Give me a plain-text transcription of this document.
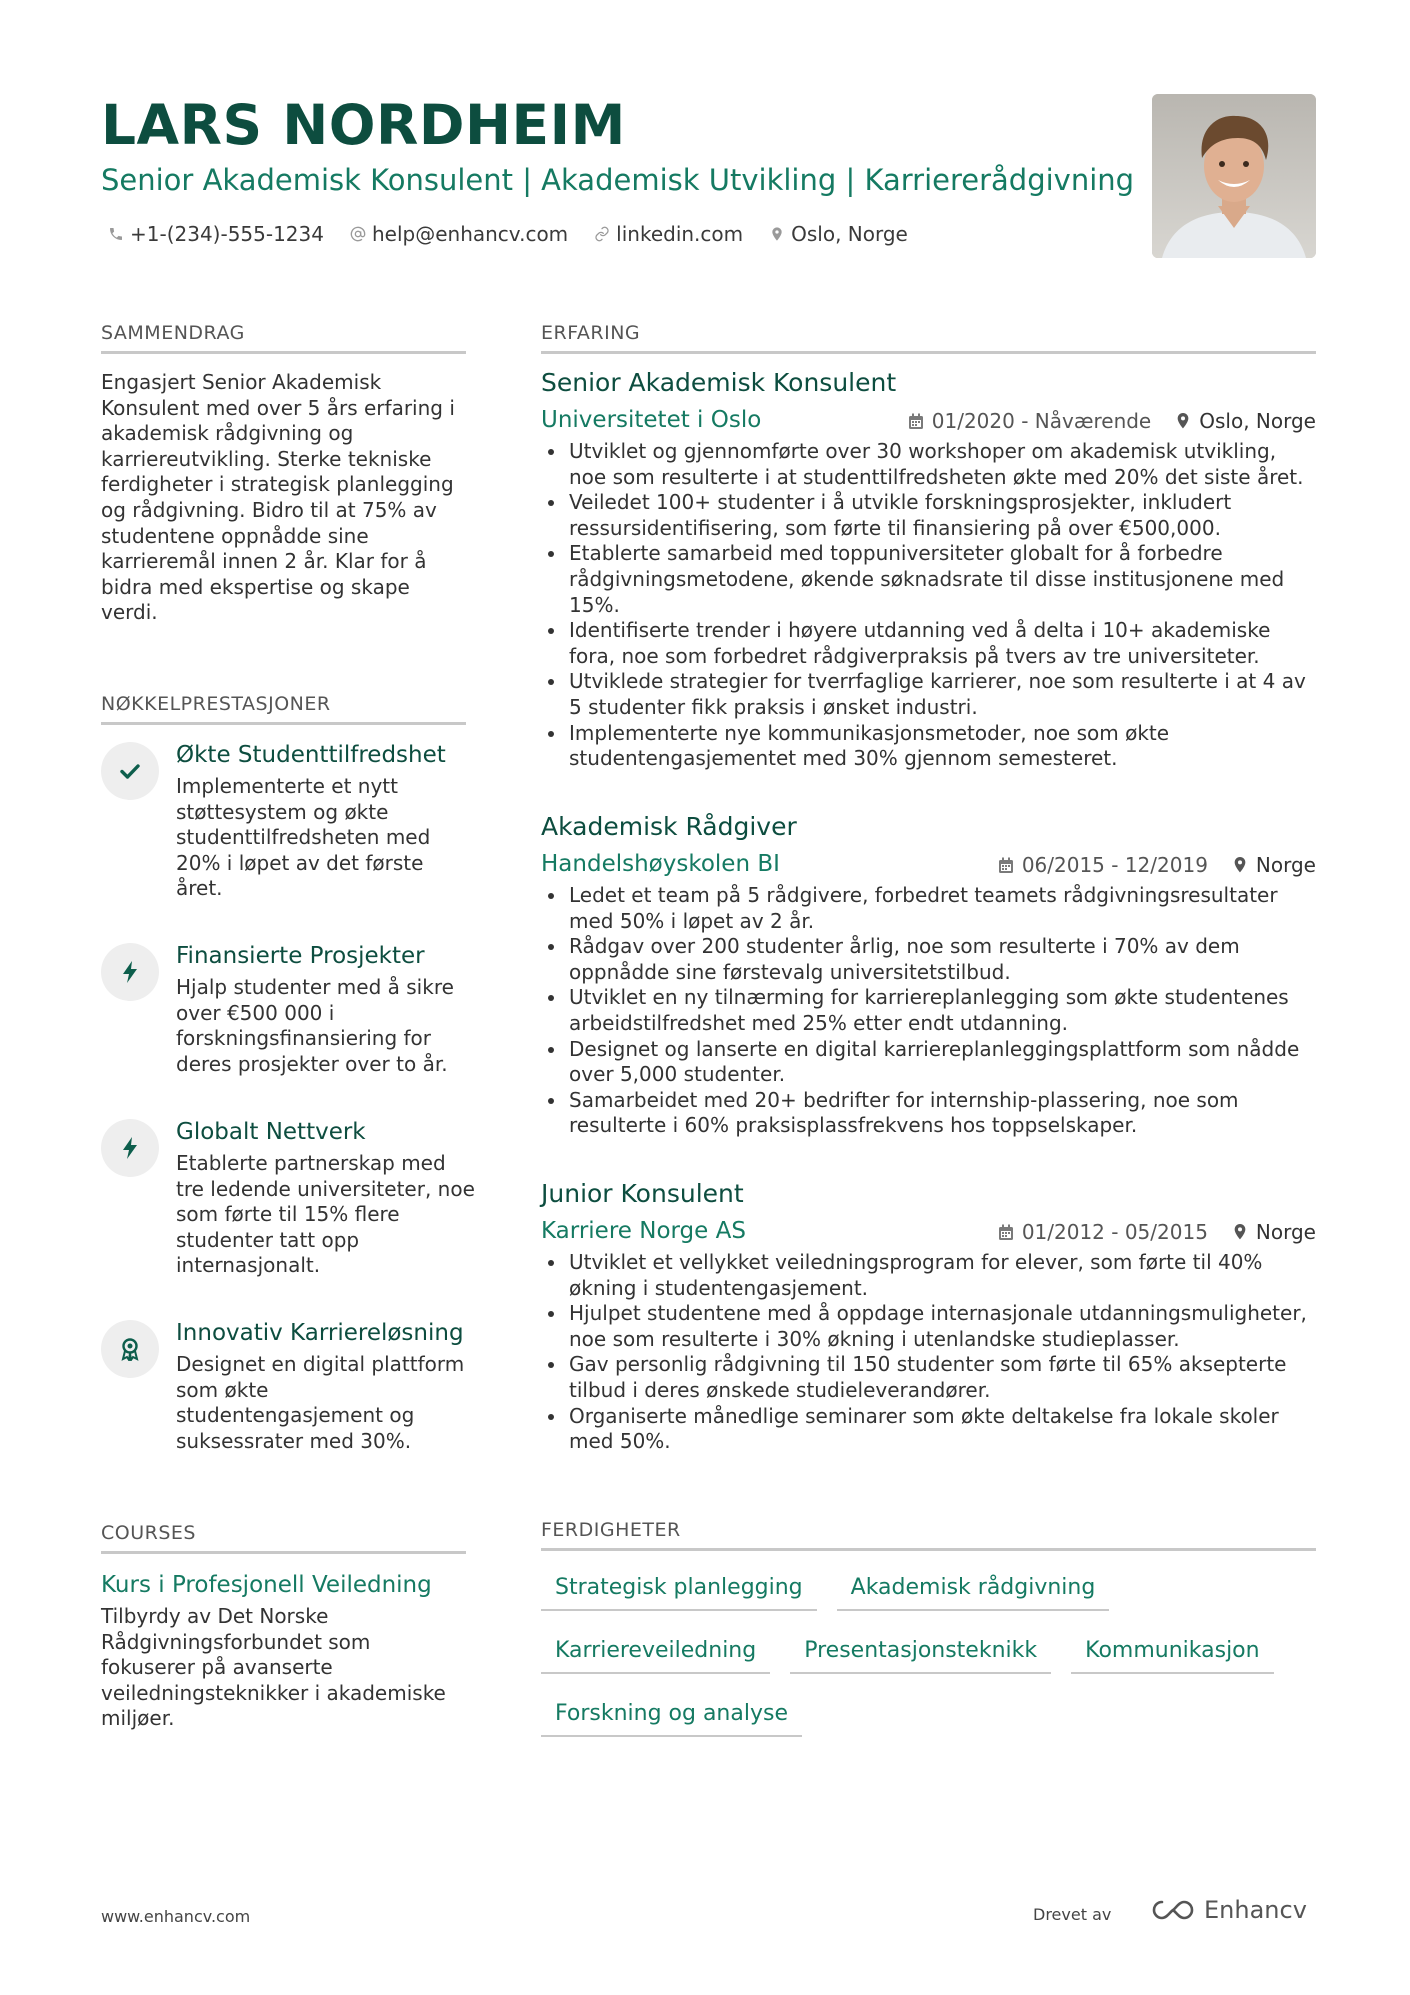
LARS NORDHEIM
Senior Akademisk Konsulent | Akademisk Utvikling | Karriererådgivning
+1-(234)-555-1234 help@enhancv.com linkedin.com Oslo, Norge
SAMMENDRAG
Engasjert Senior Akademisk Konsulent med over 5 års erfaring i akademisk rådgivning og karriereutvikling. Sterke tekniske ferdigheter i strategisk planlegging og rådgivning. Bidro til at 75% av studentene oppnådde sine karrieremål innen 2 år. Klar for å bidra med ekspertise og skape verdi.
NØKKELPRESTASJONER
Økte Studenttilfredshet
Implementerte et nytt støttesystem og økte studenttilfredsheten med 20% i løpet av det første året.
Finansierte Prosjekter
Hjalp studenter med å sikre over €500 000 i forskningsfinansiering for deres prosjekter over to år.
Globalt Nettverk
Etablerte partnerskap med tre ledende universiteter, noe som førte til 15% flere studenter tatt opp internasjonalt.
Innovativ Karriereløsning
Designet en digital plattform som økte studentengasjement og suksessrater med 30%.
COURSES
Kurs i Profesjonell Veiledning
Tilbyrdy av Det Norske Rådgivningsforbundet som fokuserer på avanserte veiledningsteknikker i akademiske miljøer.
ERFARING
Senior Akademisk Konsulent
Universitetet i Oslo	01/2020 - Nåværende Oslo, Norge
Utviklet og gjennomførte over 30 workshoper om akademisk utvikling, noe som resulterte i at studenttilfredsheten økte med 20% det siste året.
Veiledet 100+ studenter i å utvikle forskningsprosjekter, inkludert ressursidentifisering, som førte til finansiering på over €500,000.
Etablerte samarbeid med toppuniversiteter globalt for å forbedre rådgivningsmetodene, økende søknadsrate til disse institusjonene med 15%.
Identifiserte trender i høyere utdanning ved å delta i 10+ akademiske fora, noe som forbedret rådgiverpraksis på tvers av tre universiteter.
Utviklede strategier for tverrfaglige karrierer, noe som resulterte i at 4 av 5 studenter fikk praksis i ønsket industri.
Implementerte nye kommunikasjonsmetoder, noe som økte studentengasjementet med 30% gjennom semesteret.
Akademisk Rådgiver
Handelshøyskolen BI	06/2015 - 12/2019 Norge
Ledet et team på 5 rådgivere, forbedret teamets rådgivningsresultater med 50% i løpet av 2 år.
Rådgav over 200 studenter årlig, noe som resulterte i 70% av dem oppnådde sine førstevalg universitetstilbud.
Utviklet en ny tilnærming for karriereplanlegging som økte studentenes arbeidstilfredshet med 25% etter endt utdanning.
Designet og lanserte en digital karriereplanleggingsplattform som nådde over 5,000 studenter.
Samarbeidet med 20+ bedrifter for internship-plassering, noe som resulterte i 60% praksisplassfrekvens hos toppselskaper.
Junior Konsulent
Karriere Norge AS	01/2012 - 05/2015 Norge
Utviklet et vellykket veiledningsprogram for elever, som førte til 40% økning i studentengasjement.
Hjulpet studentene med å oppdage internasjonale utdanningsmuligheter, noe som resulterte i 30% økning i utenlandske studieplasser.
Gav personlig rådgivning til 150 studenter som førte til 65% aksepterte tilbud i deres ønskede studieleverandører.
Organiserte månedlige seminarer som økte deltakelse fra lokale skoler med 50%.
FERDIGHETER
Strategisk planlegging	Akademisk rådgivning
Karriereveiledning	Presentasjonsteknikk	Kommunikasjon
Forskning og analyse
www.enhancv.com	Drevet av	Enhancv
